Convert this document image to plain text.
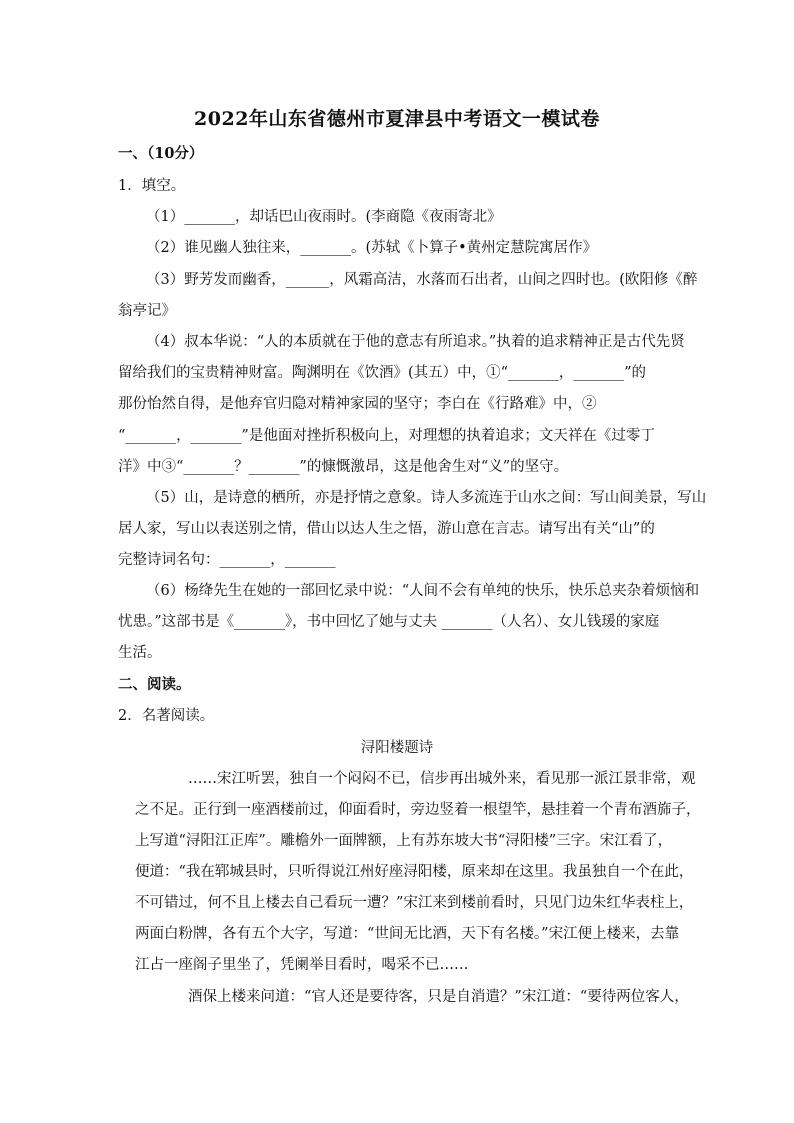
2022年山东省德州市夏津县中考语文一模试卷
一、（10分）
1．填空。
（1）_______，却话巴山夜雨时。(李商隐《夜雨寄北》
（2）谁见幽人独往来，_______。(苏轼《卜算子•黄州定慧院寓居作》
（3）野芳发而幽香，______，风霜高洁，水落而石出者，山间之四时也。(欧阳修《醉
翁亭记》
（4）叔本华说：“人的本质就在于他的意志有所追求。”执着的追求精神正是古代先贤
留给我们的宝贵精神财富。陶渊明在《饮酒》(其五）中，①“_______，_______”的
那份怡然自得，是他弃官归隐对精神家园的坚守；李白在《行路难》中，②
“_______，_______”是他面对挫折积极向上，对理想的执着追求；文天祥在《过零丁
洋》中③“_______？_______”的慷慨激昂，这是他舍生对“义”的坚守。
（5）山，是诗意的栖所，亦是抒情之意象。诗人多流连于山水之间：写山间美景，写山
居人家，写山以表送别之情，借山以达人生之悟，游山意在言志。请写出有关“山”的
完整诗词名句：_______，_______
（6）杨绛先生在她的一部回忆录中说：“人间不会有单纯的快乐，快乐总夹杂着烦恼和
忧患。”这部书是《_______》，书中回忆了她与丈夫 _______（人名）、女儿钱瑗的家庭
生活。
二、阅读。
2．名著阅读。
浔阳楼题诗
……宋江听罢，独自一个闷闷不已，信步再出城外来，看见那一派江景非常，观
之不足。正行到一座酒楼前过，仰面看时，旁边竖着一根望竿，悬挂着一个青布酒旆子，
上写道“浔阳江正库”。雕檐外一面牌额，上有苏东坡大书“浔阳楼”三字。宋江看了，
便道：“我在郓城县时，只听得说江州好座浔阳楼，原来却在这里。我虽独自一个在此，
不可错过，何不且上楼去自己看玩一遭？”宋江来到楼前看时，只见门边朱红华表柱上，
两面白粉牌，各有五个大字，写道：“世间无比酒，天下有名楼。”宋江便上楼来，去靠
江占一座阁子里坐了，凭阑举目看时，喝采不已……
酒保上楼来问道：“官人还是要待客，只是自消遣？”宋江道：“要待两位客人，
